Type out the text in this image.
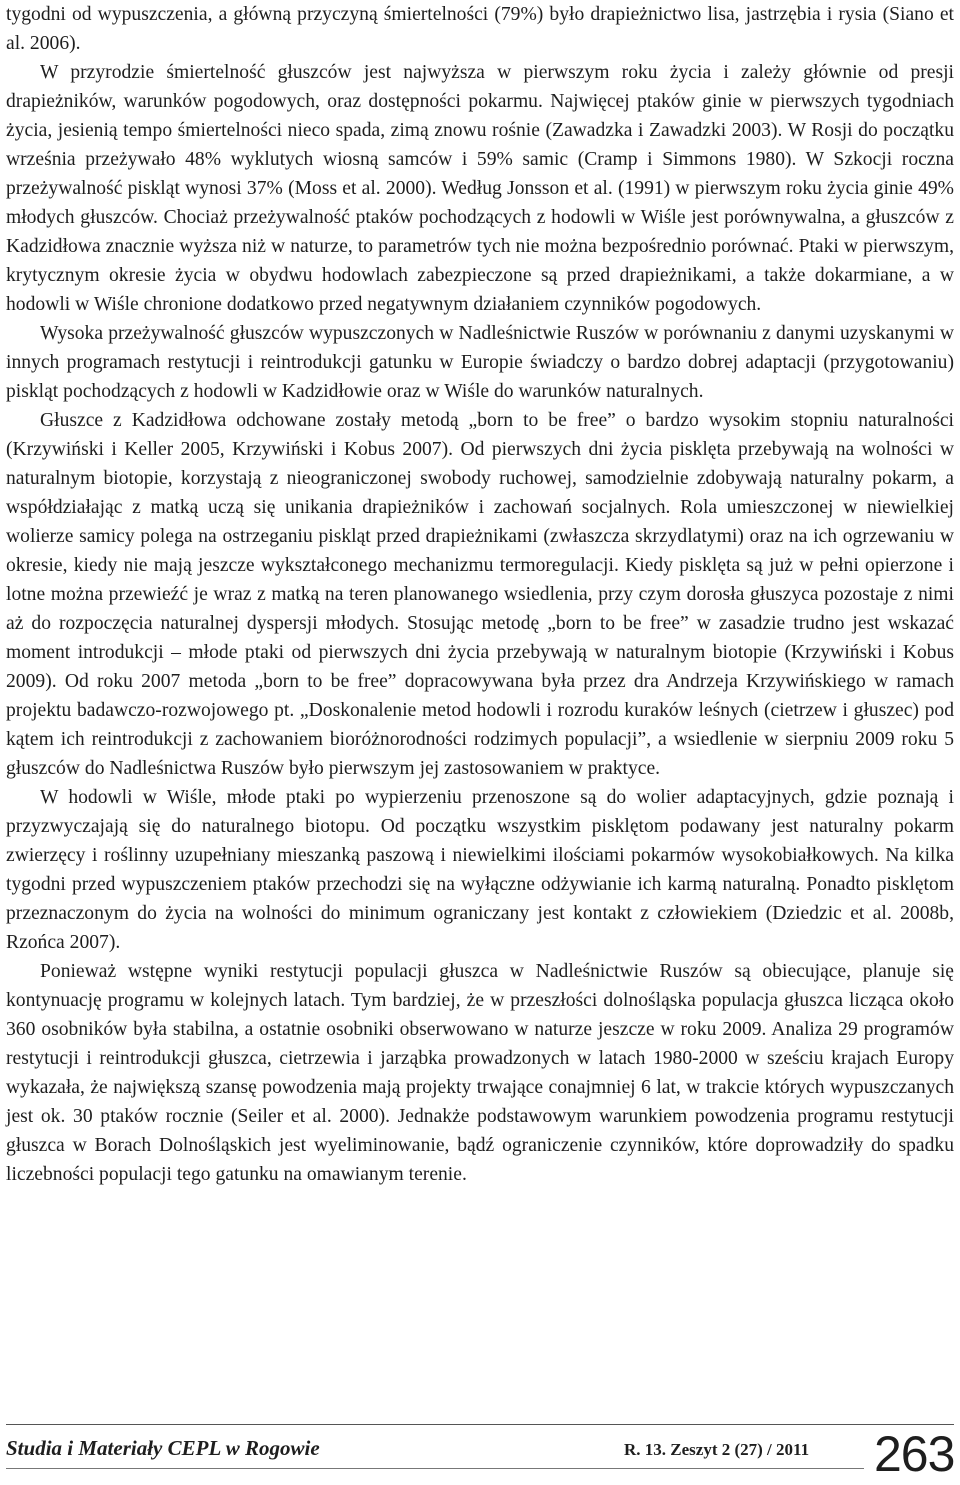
tygodni od wypuszczenia, a główną przyczyną śmiertelności (79%) było drapieżnictwo lisa, jastrzębia i rysia (Siano et al. 2006).

W przyrodzie śmiertelność głuszców jest najwyższa w pierwszym roku życia i zależy głównie od presji drapieżników, warunków pogodowych, oraz dostępności pokarmu. Najwięcej ptaków ginie w pierwszych tygodniach życia, jesienią tempo śmiertelności nieco spada, zimą znowu rośnie (Zawadzka i Zawadzki 2003). W Rosji do początku września przeżywało 48% wyklutych wiosną samców i 59% samic (Cramp i Simmons 1980). W Szkocji roczna przeżywalność piskląt wynosi 37% (Moss et al. 2000). Według Jonsson et al. (1991) w pierwszym roku życia ginie 49% młodych głuszców. Chociaż przeżywalność ptaków pochodzących z hodowli w Wiśle jest porównywalna, a głuszców z Kadzidłowa znacznie wyższa niż w naturze, to parametrów tych nie można bezpośrednio porównać. Ptaki w pierwszym, krytycznym okresie życia w obydwu hodowlach zabezpieczone są przed drapieżnikami, a także dokarmiane, a w hodowli w Wiśle chronione dodatkowo przed negatywnym działaniem czynników pogodowych.

Wysoka przeżywalność głuszców wypuszczonych w Nadleśnictwie Ruszów w porównaniu z danymi uzyskanymi w innych programach restytucji i reintrodukcji gatunku w Europie świadczy o bardzo dobrej adaptacji (przygotowaniu) piskląt pochodzących z hodowli w Kadzidłowie oraz w Wiśle do warunków naturalnych.

Głuszce z Kadzidłowa odchowane zostały metodą „born to be free” o bardzo wysokim stopniu naturalności (Krzywiński i Keller 2005, Krzywiński i Kobus 2007). Od pierwszych dni życia pisklęta przebywają na wolności w naturalnym biotopie, korzystają z nieograniczonej swobody ruchowej, samodzielnie zdobywają naturalny pokarm, a współdziałając z matką uczą się unikania drapieżników i zachowań socjalnych. Rola umieszczonej w niewielkiej wolierze samicy polega na ostrzeganiu piskląt przed drapieżnikami (zwłaszcza skrzydlatymi) oraz na ich ogrzewaniu w okresie, kiedy nie mają jeszcze wykształconego mechanizmu termoregulacji. Kiedy pisklęta są już w pełni opierzone i lotne można przewieźć je wraz z matką na teren planowanego wsiedlenia, przy czym dorosła głuszyca pozostaje z nimi aż do rozpoczęcia naturalnej dyspersji młodych. Stosując metodę „born to be free” w zasadzie trudno jest wskazać moment introdukcji – młode ptaki od pierwszych dni życia przebywają w naturalnym biotopie (Krzywiński i Kobus 2009). Od roku 2007 metoda „born to be free” dopracowywana była przez dra Andrzeja Krzywińskiego w ramach projektu badawczo-rozwojowego pt. „Doskonalenie metod hodowli i rozrodu kuraków leśnych (cietrzew i głuszec) pod kątem ich reintrodukcji z zachowaniem bioróżnorodności rodzimych populacji”, a wsiedlenie w sierpniu 2009 roku 5 głuszców do Nadleśnictwa Ruszów było pierwszym jej zastosowaniem w praktyce.

W hodowli w Wiśle, młode ptaki po wypierzeniu przenoszone są do wolier adaptacyjnych, gdzie poznają i przyzwyczajają się do naturalnego biotopu. Od początku wszystkim pisklętom podawany jest naturalny pokarm zwierzęcy i roślinny uzupełniany mieszanką paszową i niewielkimi ilościami pokarmów wysokobiałkowych. Na kilka tygodni przed wypuszczeniem ptaków przechodzi się na wyłączne odżywianie ich karmą naturalną. Ponadto pisklętom przeznaczonym do życia na wolności do minimum ograniczany jest kontakt z człowiekiem (Dziedzic et al. 2008b, Rzońca 2007).

Ponieważ wstępne wyniki restytucji populacji głuszca w Nadleśnictwie Ruszów są obiecujące, planuje się kontynuację programu w kolejnych latach. Tym bardziej, że w przeszłości dolnośląska populacja głuszca licząca około 360 osobników była stabilna, a ostatnie osobniki obserwowano w naturze jeszcze w roku 2009. Analiza 29 programów restytucji i reintrodukcji głuszca, cietrzewia i jarząbka prowadzonych w latach 1980-2000 w sześciu krajach Europy wykazała, że największą szansę powodzenia mają projekty trwające conajmniej 6 lat, w trakcie których wypuszczanych jest ok. 30 ptaków rocznie (Seiler et al. 2000). Jednakże podstawowym warunkiem powodzenia programu restytucji głuszca w Borach Dolnośląskich jest wyeliminowanie, bądź ograniczenie czynników, które doprowadziły do spadku liczebności populacji tego gatunku na omawianym terenie.

Studia i Materiały CEPL w Rogowie	R. 13. Zeszyt 2 (27) / 2011 263
